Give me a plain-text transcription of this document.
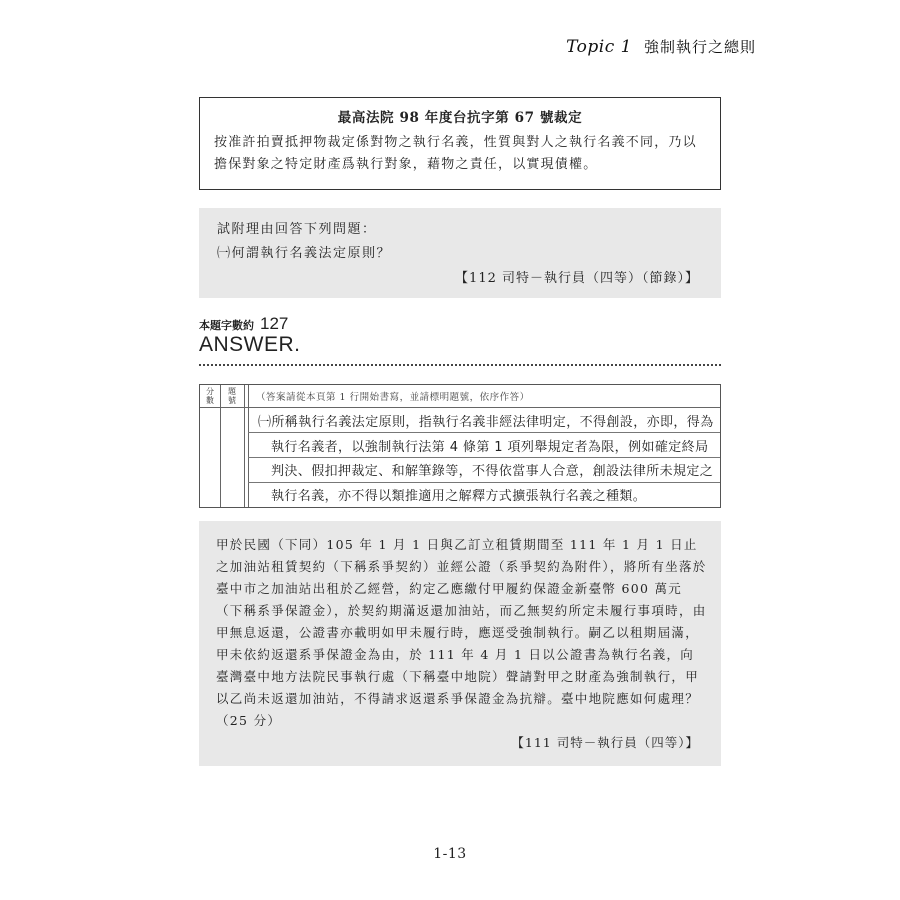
Topic 1 強制執行之總則
最高法院 98 年度台抗字第 67 號裁定
按准許拍賣抵押物裁定係對物之執行名義，性質與對人之執行名義不同，乃以擔保對象之特定財產爲執行對象，藉物之責任，以實現債權。
試附理由回答下列問題：
㈠何謂執行名義法定原則？
【112 司特－執行員（四等）（節錄）】
本題字數約 127
ANSWER.
分數
題號 （答案請從本頁第 1 行開始書寫，並請標明題號，依序作答）
㈠所稱執行名義法定原則，指執行名義非經法律明定，不得創設，亦即，得為
執行名義者，以強制執行法第 4 條第 1 項列舉規定者為限，例如確定終局判決、假扣押裁定、和解筆錄等，不得依當事人合意，創設法律所未規定之執行名義，亦不得以類推適用之解釋方式擴張執行名義之種類。
甲於民國（下同）105 年 1 月 1 日與乙訂立租賃期間至 111 年 1 月 1 日止之加油站租賃契約（下稱系爭契約）並經公證（系爭契約為附件），將所有坐落於臺中市之加油站出租於乙經營，約定乙應繳付甲履約保證金新臺幣 600 萬元（下稱系爭保證金），於契約期滿返還加油站，而乙無契約所定未履行事項時，由甲無息返還，公證書亦載明如甲未履行時，應逕受強制執行。嗣乙以租期屆滿，甲未依約返還系爭保證金為由，於 111 年 4 月 1 日以公證書為執行名義，向臺灣臺中地方法院民事執行處（下稱臺中地院）聲請對甲之財產為強制執行，甲以乙尚未返還加油站，不得請求返還系爭保證金為抗辯。臺中地院應如何處理？（25 分）
【111 司特－執行員（四等）】
1-13
